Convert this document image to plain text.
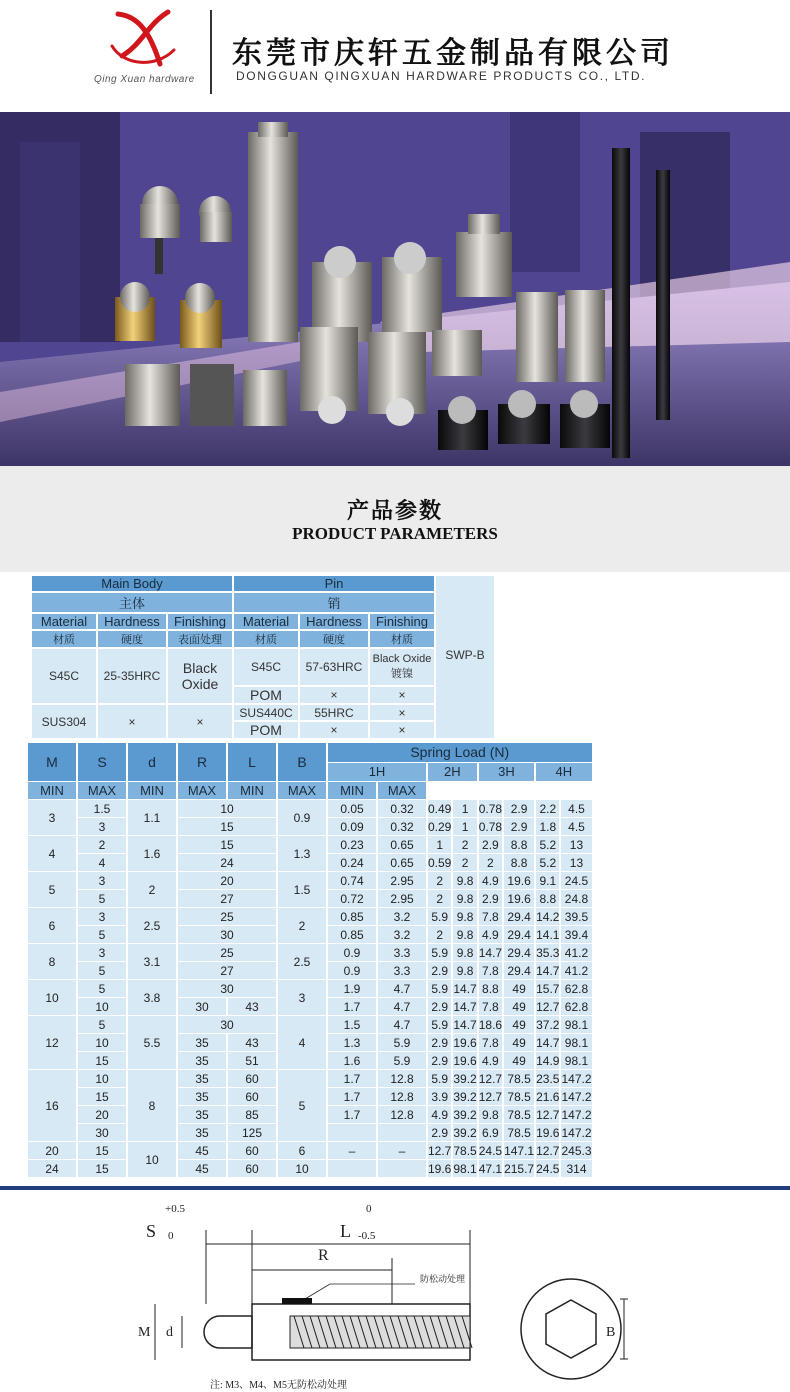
Qing Xuan hardware
东莞市庆轩五金制品有限公司
DONGGUAN QINGXUAN HARDWARE PRODUCTS CO., LTD.
产品参数
PRODUCT PARAMETERS
Main Body			Pin			SWP-B
主体			销			
Material	Hardness	Finishing	Material	Hardness	Finishing	
材质	硬度	表面处理	材质	硬度	材质	
S45C	25-35HRC	Black Oxide	S45C	57-63HRC	Black Oxide 镀镍	
			POM	×	×	
SUS304	×	×	SUS440C	55HRC	×	
			POM	×	×	
M	S	d	R	L	B	Spring Load (N)							
						1H		2H		3H		4H	
MIN	MAX	MIN	MAX	MIN	MAX	MIN	MAX						
3	1.5	1.1	10		0.9	0.05	0.32	0.49	1	0.78	2.9	2.2	4.5
	3		15			0.09	0.32	0.29	1	0.78	2.9	1.8	4.5
4	2	1.6	15		1.3	0.23	0.65	1	2	2.9	8.8	5.2	13
	4		24			0.24	0.65	0.59	2	2	8.8	5.2	13
5	3	2	20		1.5	0.74	2.95	2	9.8	4.9	19.6	9.1	24.5
	5		27			0.72	2.95	2	9.8	2.9	19.6	8.8	24.8
6	3	2.5	25		2	0.85	3.2	5.9	9.8	7.8	29.4	14.2	39.5
	5		30			0.85	3.2	2	9.8	4.9	29.4	14.1	39.4
8	3	3.1	25		2.5	0.9	3.3	5.9	9.8	14.7	29.4	35.3	41.2
	5		27			0.9	3.3	2.9	9.8	7.8	29.4	14.7	41.2
10	5	3.8	30		3	1.9	4.7	5.9	14.7	8.8	49	15.7	62.8
	10		30	43		1.7	4.7	2.9	14.7	7.8	49	12.7	62.8
12	5	5.5	30		4	1.5	4.7	5.9	14.7	18.6	49	37.2	98.1
	10		35	43		1.3	5.9	2.9	19.6	7.8	49	14.7	98.1
	15		35	51		1.6	5.9	2.9	19.6	4.9	49	14.9	98.1
16	10	8	35	60	5	1.7	12.8	5.9	39.2	12.7	78.5	23.5	147.2
	15		35	60		1.7	12.8	3.9	39.2	12.7	78.5	21.6	147.2
	20		35	85		1.7	12.8	4.9	39.2	9.8	78.5	12.7	147.2
	30		35	125				2.9	39.2	6.9	78.5	19.6	147.2
20	15	10	45	60	6	–	–	12.7	78.5	24.5	147.1	12.7	245.3
24	15		45	60	10			19.6	98.1	47.1	215.7	24.5	314
+0.5	0
S 0	L -0.5
R
防松动处理
M d	B
注: M3、M4、M5无防松动处理
